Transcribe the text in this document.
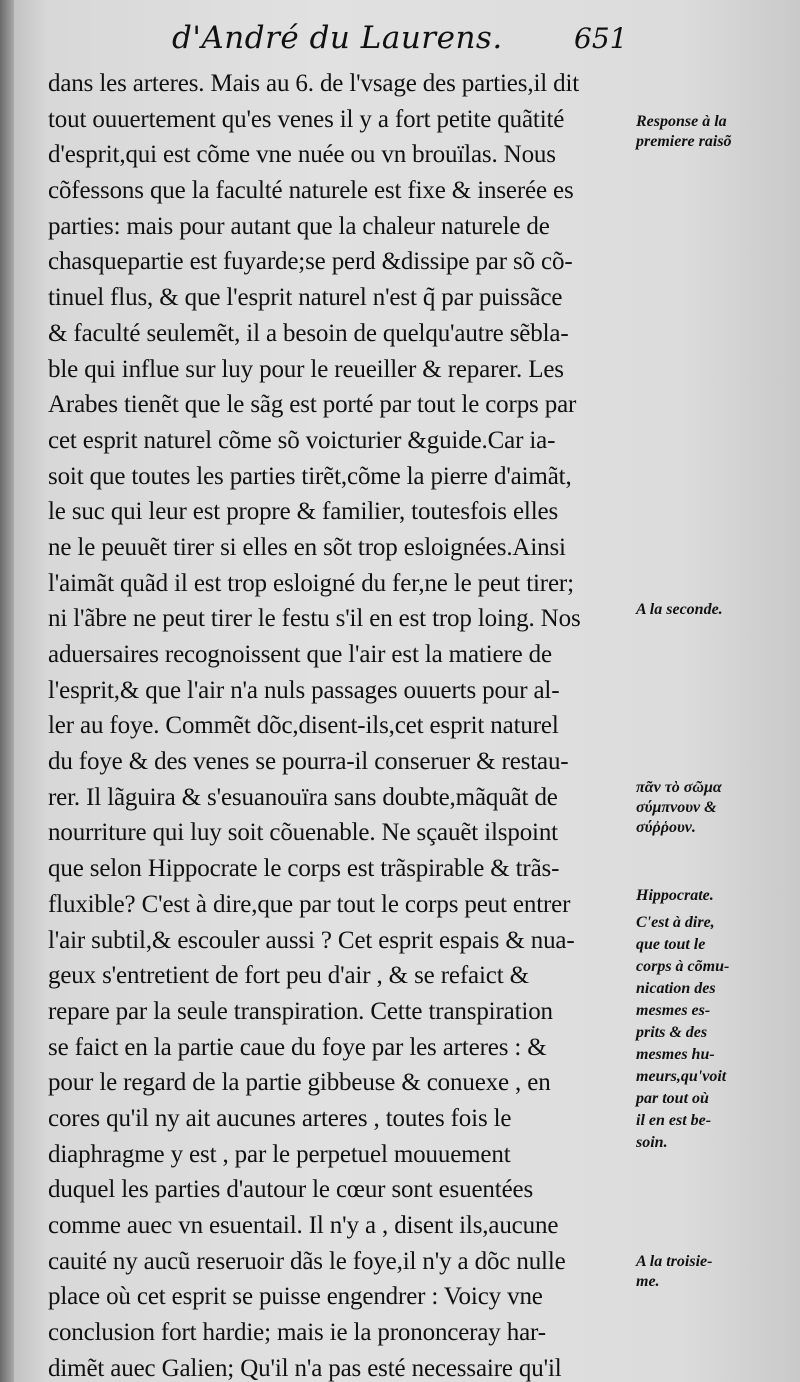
d'André du Laurens.	651
dans les arteres. Mais au 6. de l'vsage des parties,il dit
tout ouuertement qu'es venes il y a fort petite quãtité
d'esprit,qui est cõme vne nuée ou vn brouïlas. Nous
cõfessons que la faculté naturele est fixe & inserée es
parties: mais pour autant que la chaleur naturele de
chasquepartie est fuyarde;se perd &dissipe par sõ cõ-
tinuel flus, & que l'esprit naturel n'est q̃ par puissãce
& faculté seulemẽt, il a besoin de quelqu'autre sẽbla-
ble qui influe sur luy pour le reueiller & reparer. Les
Arabes tienẽt que le sãg est porté par tout le corps par
cet esprit naturel cõme sõ voicturier &guide.Car ia-
soit que toutes les parties tirẽt,cõme la pierre d'aimãt,
le suc qui leur est propre & familier, toutesfois elles
ne le peuuẽt tirer si elles en sõt trop esloignées.Ainsi
l'aimãt quãd il est trop esloigné du fer,ne le peut tirer;
ni l'ãbre ne peut tirer le festu s'il en est trop loing. Nos
aduersaires recognoissent que l'air est la matiere de
l'esprit,& que l'air n'a nuls passages ouuerts pour al-
ler au foye. Commẽt dõc,disent-ils,cet esprit naturel
du foye & des venes se pourra-il conseruer & restau-
rer. Il lãguira & s'esuanouïra sans doubte,mãquãt de
nourriture qui luy soit cõuenable. Ne sçauẽt ilspoint
que selon Hippocrate le corps est trãspirable & trãs-
fluxible? C'est à dire,que par tout le corps peut entrer
l'air subtil,& escouler aussi ? Cet esprit espais & nua-
geux s'entretient de fort peu d'air , & se refaict &
repare par la seule transpiration. Cette transpiration
se faict en la partie caue du foye par les arteres : &
pour le regard de la partie gibbeuse & conuexe , en
cores qu'il ny ait aucunes arteres , toutes fois le
diaphragme y est , par le perpetuel mouuement
duquel les parties d'autour le cœur sont esuentées
comme auec vn esuentail. Il n'y a , disent ils,aucune
cauité ny aucũ reseruoir dãs le foye,il n'y a dõc nulle
place où cet esprit se puisse engendrer : Voicy vne
conclusion fort hardie; mais ie la prononceray har-
dimẽt auec Galien; Qu'il n'a pas esté necessaire qu'il
Response à la
premiere raisõ
A la seconde.
πᾶν τὸ σῶμα
σύμπνουν &
σύῤῥουν.
Hippocrate.
C'est à dire,
que tout le
corps à cõmu-
nication des
mesmes es-
prits & des
mesmes hu-
meurs,qu'voit
par tout où
il en est be-
soin.
A la troisie-
me.
